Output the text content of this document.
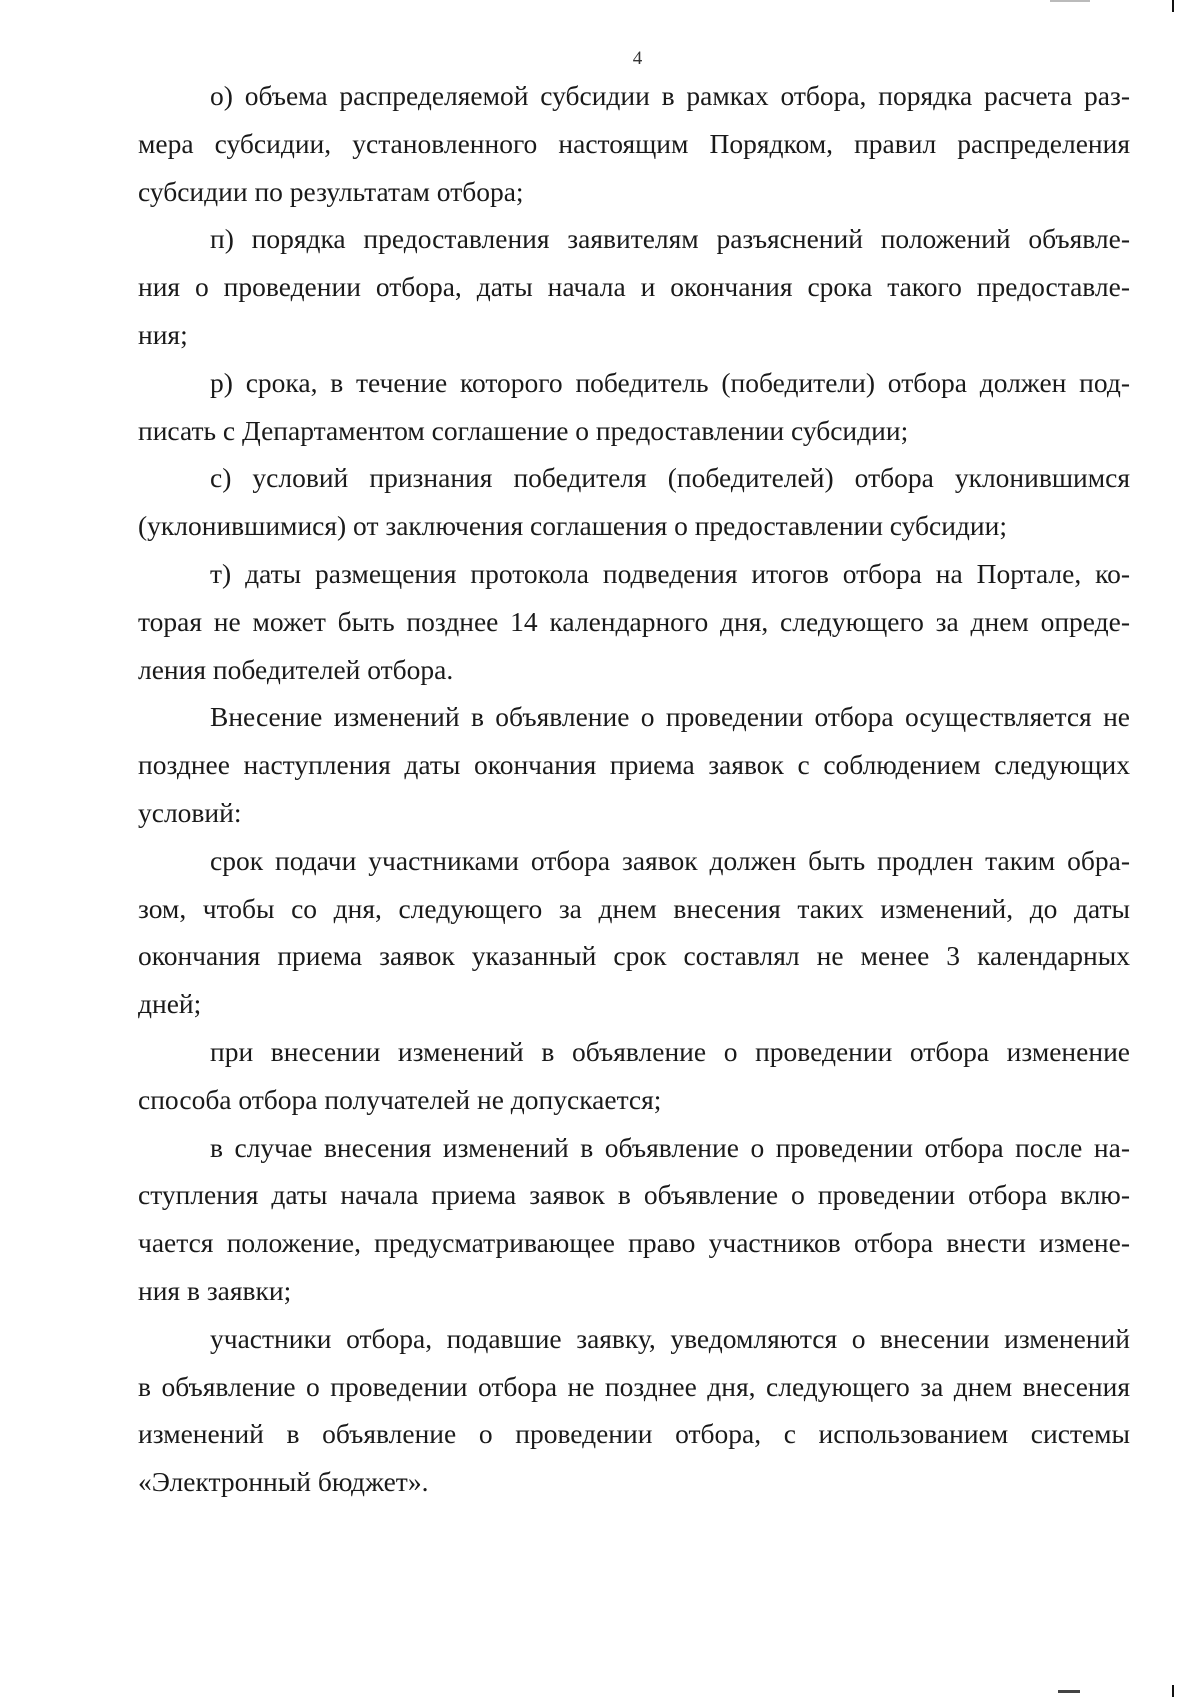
4

о) объема распределяемой субсидии в рамках отбора, порядка расчета раз-
мера субсидии, установленного настоящим Порядком, правил распределения
субсидии по результатам отбора;

п) порядка предоставления заявителям разъяснений положений объявле-
ния о проведении отбора, даты начала и окончания срока такого предоставле-
ния;

р) срока, в течение которого победитель (победители) отбора должен под-
писать с Департаментом соглашение о предоставлении субсидии;

с) условий признания победителя (победителей) отбора уклонившимся
(уклонившимися) от заключения соглашения о предоставлении субсидии;

т) даты размещения протокола подведения итогов отбора на Портале, ко-
торая не может быть позднее 14 календарного дня, следующего за днем опреде-
ления победителей отбора.

Внесение изменений в объявление о проведении отбора осуществляется не
позднее наступления даты окончания приема заявок с соблюдением следующих
условий:

срок подачи участниками отбора заявок должен быть продлен таким обра-
зом, чтобы со дня, следующего за днем внесения таких изменений, до даты
окончания приема заявок указанный срок составлял не менее 3 календарных
дней;

при внесении изменений в объявление о проведении отбора изменение
способа отбора получателей не допускается;

в случае внесения изменений в объявление о проведении отбора после на-
ступления даты начала приема заявок в объявление о проведении отбора вклю-
чается положение, предусматривающее право участников отбора внести измене-
ния в заявки;

участники отбора, подавшие заявку, уведомляются о внесении изменений
в объявление о проведении отбора не позднее дня, следующего за днем внесения
изменений в объявление о проведении отбора, с использованием системы
«Электронный бюджет».
